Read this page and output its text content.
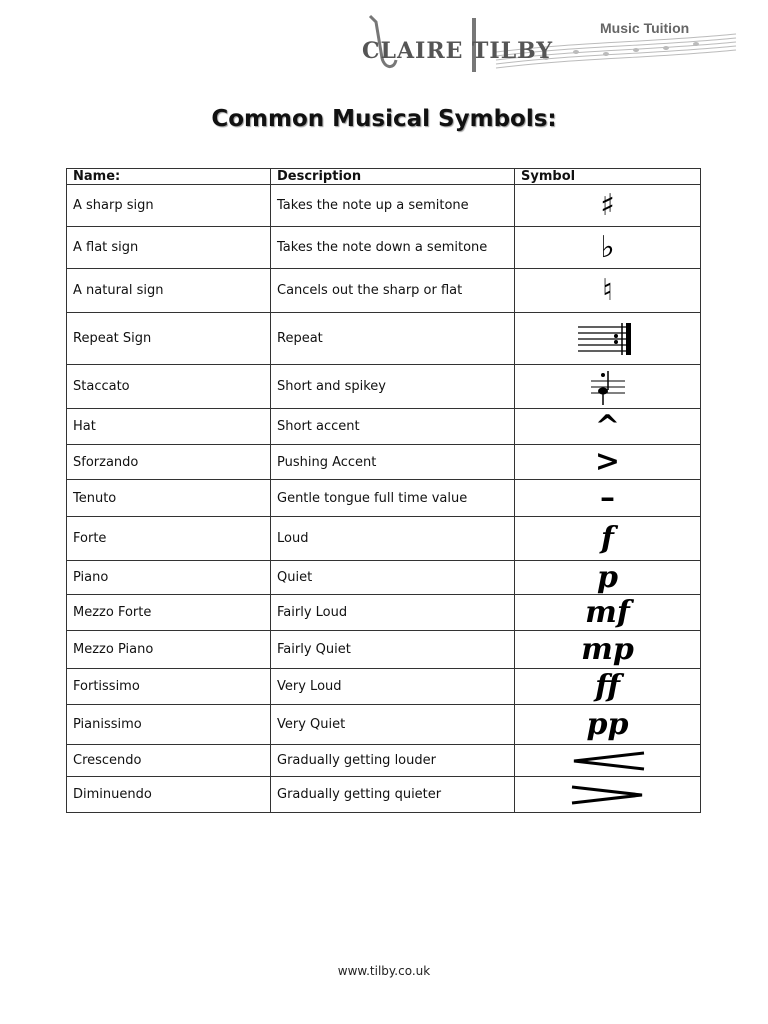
CLAIRE TILBY
Music Tuition
Common Musical Symbols:
Name:	Description	Symbol
A sharp sign	Takes the note up a semitone	♯

A flat sign	Takes the note down a semitone	♭

A natural sign	Cancels out the sharp or flat	♮

Repeat Sign	Repeat	

Staccato	Short and spikey	

Hat	Short accent	^

Sforzando	Pushing Accent	>

Tenuto	Gentle tongue full time value	–

Forte	Loud	f

Piano	Quiet	p

Mezzo Forte	Fairly Loud	mf

Mezzo Piano	Fairly Quiet	mp

Fortissimo	Very Loud	ff

Pianissimo	Very Quiet	pp

Crescendo	Gradually getting louder	

Diminuendo	Gradually getting quieter	
www.tilby.co.uk
